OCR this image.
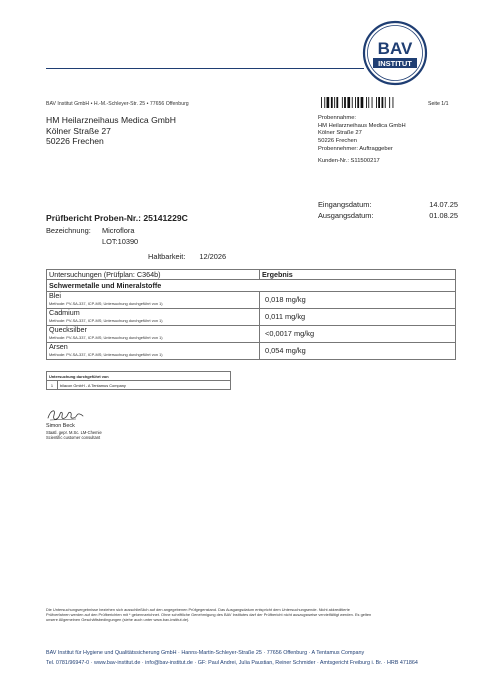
BAV
INSTITUT
BAV Institut GmbH • H.-M.-Schleyer-Str. 25 • 77656 Offenburg	Seite 1/1
HM Heilarzneihaus Medica GmbH
Kölner Straße 27
50226 Frechen
Probennahme:
HM Heilarzneihaus Medica GmbH
Kölner Straße 27
50226 Frechen
Probennehmer: Auftraggeber
Kunden-Nr.: S11500217
Eingangsdatum:	14.07.25
Ausgangsdatum:	01.08.25
Prüfbericht Proben-Nr.: 25141229C
Bezeichnung: Microflora
LOT:10390
Haltbarkeit: 12/2026
Untersuchungen (Prüfplan: C364b)	Ergebnis
Schwermetalle und Mineralstoffe	

Blei
Methode: PV-SA-337, ICP-MS; Untersuchung durchgeführt von 1)	0,018 mg/kg

Cadmium
Methode: PV-SA-337, ICP-MS; Untersuchung durchgeführt von 1)	0,011 mg/kg

Quecksilber
Methode: PV-SA-337, ICP-MS; Untersuchung durchgeführt von 1)	<0,0017 mg/kg

Arsen
Methode: PV-SA-337, ICP-MS; Untersuchung durchgeführt von 1)	0,054 mg/kg
Untersuchung durchgeführt von
1	bilacon GmbH - A Tentamus Company
Simon Beck
Staatl. gepr. M.Sc. LM-Chemie
Scientific customer consultant
Die Untersuchungsergebnisse beziehen sich ausschließlich auf den angegebenen Prüfgegenstand. Das Ausgangsdatum entspricht dem Untersuchungsende. Nicht akkreditierte
Prüfverfahren werden auf den Prüfberichten mit * gekennzeichnet. Ohne schriftliche Genehmigung des BAV Institutes darf der Prüfbericht nicht auszugsweise vervielfältigt werden. Es gelten
unsere Allgemeinen Geschäftsbedingungen (siehe auch unter www.bav-institut.de).
BAV Institut für Hygiene und Qualitätssicherung GmbH · Hanns-Martin-Schleyer-Straße 25 · 77656 Offenburg · A Tentamus Company
Tel. 0781/96947-0 · www.bav-institut.de · info@bav-institut.de · GF: Paul Andrei, Julia Paustian, Reiner Schmider · Amtsgericht Freiburg i. Br. · HRB 471864
